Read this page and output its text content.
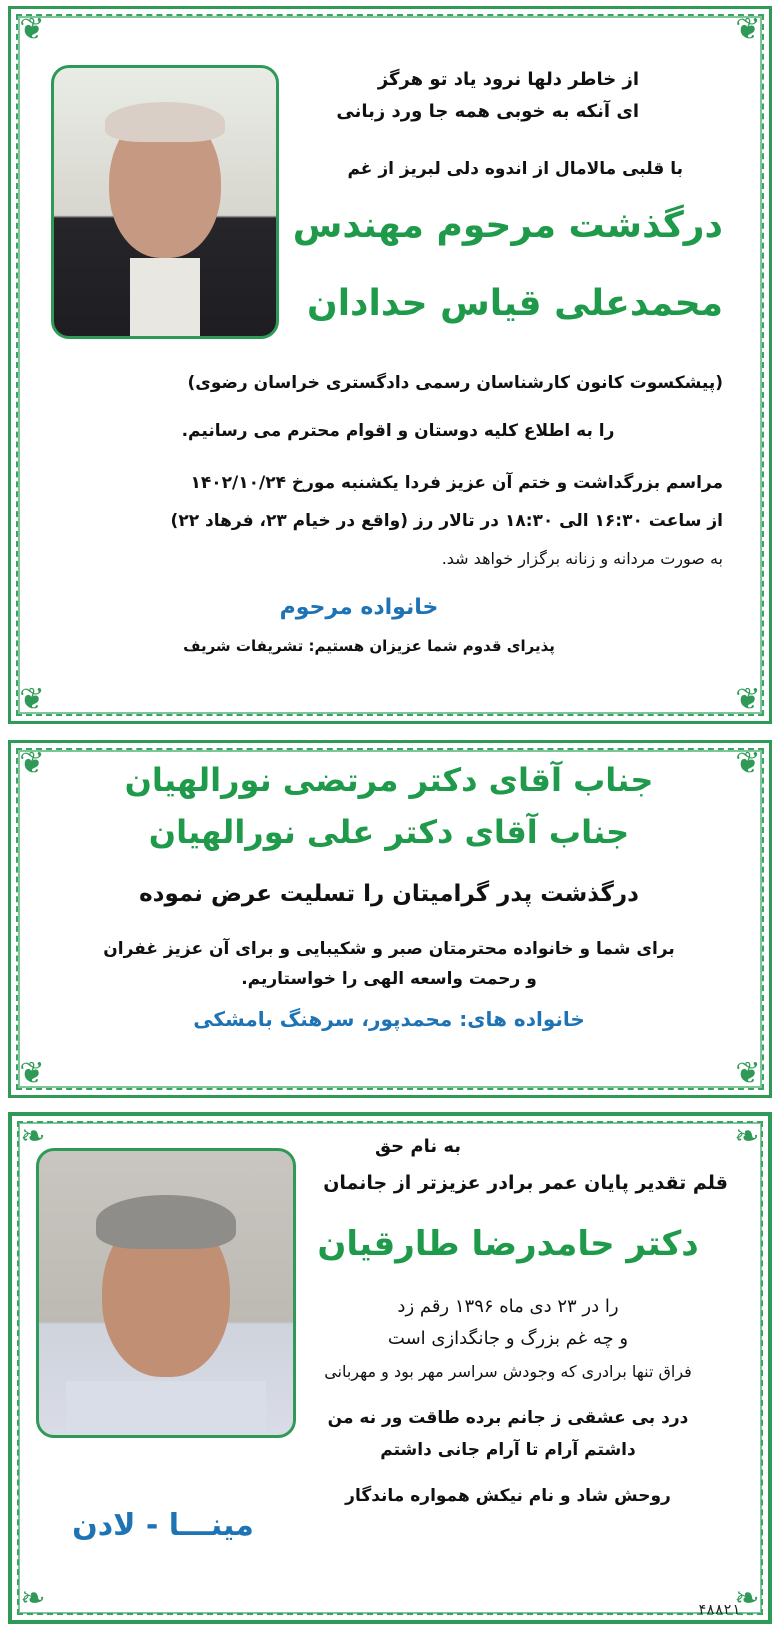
❦	❦
❦	❦
از خاطر دلها نرود یاد تو هرگز
ای آنکه به خوبی همه جا ورد زبانی
با قلبی مالامال از اندوه دلی لبریز از غم
درگذشت مرحوم مهندس
محمدعلی قیاس حدادان
(پیشکسوت کانون کارشناسان رسمی دادگستری خراسان رضوی)
را به اطلاع کلیه دوستان و اقوام محترم می رسانیم.
مراسم بزرگداشت و ختم آن عزیز فردا یکشنبه مورخ ۱۴۰۲/۱۰/۲۴
از ساعت ۱۶:۳۰ الی ۱۸:۳۰ در تالار رز (واقع در خیام ۲۳، فرهاد ۲۲)
به صورت مردانه و زنانه برگزار خواهد شد.
خانواده مرحوم
پذیرای قدوم شما عزیزان هستیم: تشریفات شریف
❦	❦
❦	❦
جناب آقای دکتر مرتضی نورالهیان
جناب آقای دکتر علی نورالهیان
درگذشت پدر گرامیتان را تسلیت عرض نموده
برای شما و خانواده محترمتان صبر و شکیبایی و برای آن عزیز غفران
و رحمت واسعه الهی را خواستاریم.
خانواده های: محمدپور، سرهنگ بامشکی
❧	❧
❧	❧
به نام حق
قلم تقدیر پایان عمر برادر عزیزتر از جانمان
دکتر حامدرضا طارقیان
را در ۲۳ دی ماه ۱۳۹۶ رقم زد
و چه غم بزرگ و جانگدازی است
فراق تنها برادری که وجودش سراسر مهر بود و مهربانی
درد بی عشقی ز جانم برده طاقت ور نه من
داشتم آرام تا آرام جانی داشتم
روحش شاد و نام نیکش همواره ماندگار
مینـــا - لادن
۴۸۸۲۱
